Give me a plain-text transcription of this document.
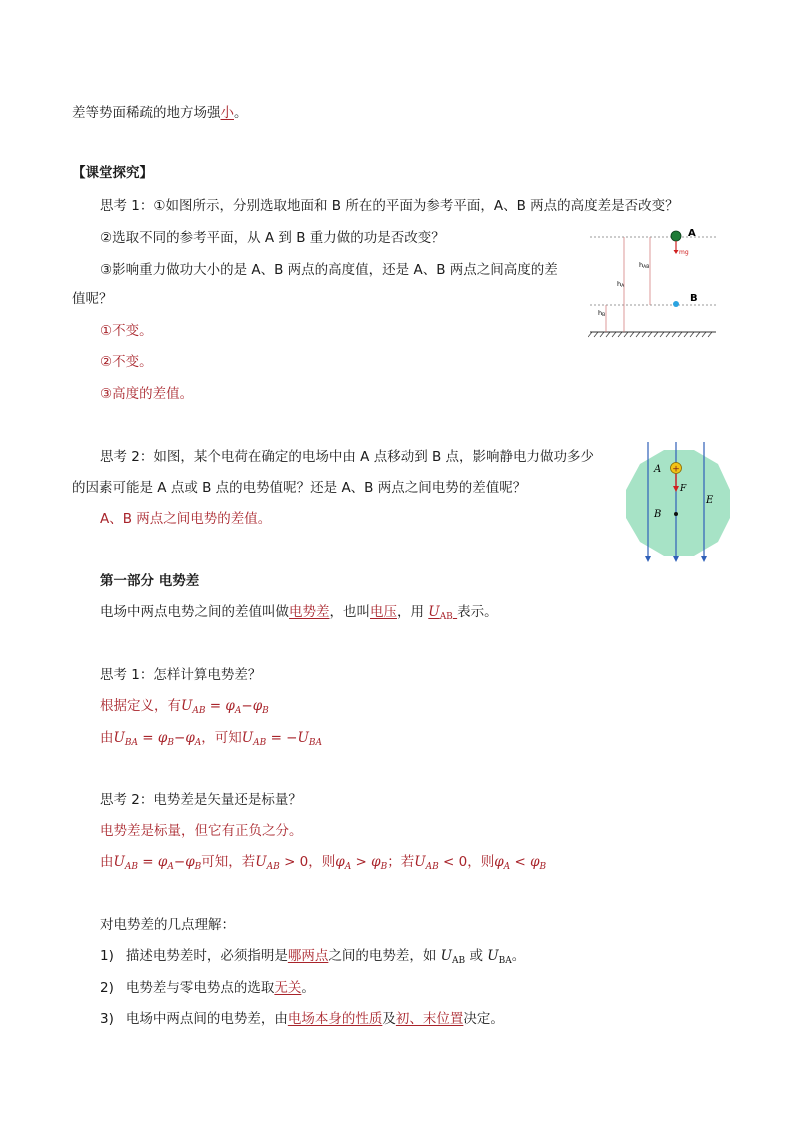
差等势面稀疏的地方场强小。
【课堂探究】
思考 1：①如图所示，分别选取地面和 B 所在的平面为参考平面，A、B 两点的高度差是否改变？
②选取不同的参考平面，从 A 到 B 重力做的功是否改变？
③影响重力做功大小的是 A、B 两点的高度值，还是 A、B 两点之间高度的差
值呢？
①不变。
②不变。
③高度的差值。
mg
A
B
hAB
hA
hB
思考 2：如图，某个电荷在确定的电场中由 A 点移动到 B 点，影响静电力做功多少
的因素可能是 A 点或 B 点的电势值呢？还是 A、B 两点之间电势的差值呢？
A、B 两点之间电势的差值。
+
F
A
B
E
第一部分 电势差
电场中两点电势之间的差值叫做电势差，也叫电压，用 $U_{AB}$ 表示。
思考 1：怎样计算电势差？
根据定义，有$U_{AB} = \varphi_A-\varphi_B$
由$U_{BA} = \varphi_B-\varphi_A$，可知$U_{AB} = -U_{BA}$
思考 2：电势差是矢量还是标量？
电势差是标量，但它有正负之分。
由$U_{AB} = \varphi_A-\varphi_B$可知，若$U_{AB} > 0$，则$\varphi_A > \varphi_B$；若$U_{AB} < 0$，则$\varphi_A < \varphi_B$
对电势差的几点理解：
1) 描述电势差时，必须指明是哪两点之间的电势差，如 $U_{AB}$ 或 $U_{BA}$。
2) 电势差与零电势点的选取无关。
3) 电场中两点间的电势差，由电场本身的性质及初、末位置决定。
